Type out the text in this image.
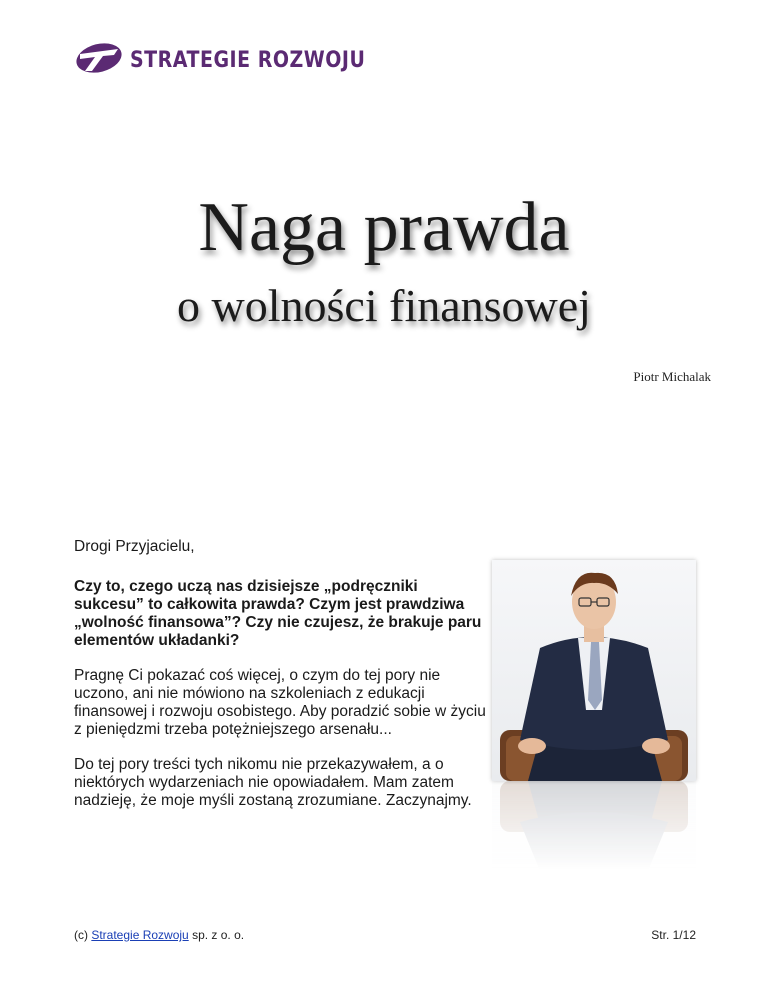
STRATEGIE ROZWOJU
Naga prawda
o wolności finansowej
Piotr Michalak

Drogi Przyjacielu,

Czy to, czego uczą nas dzisiejsze „podręczniki sukcesu” to całkowita prawda? Czym jest prawdziwa „wolność finansowa”? Czy nie czujesz, że brakuje paru elementów układanki?

Pragnę Ci pokazać coś więcej, o czym do tej pory nie uczono, ani nie mówiono na szkoleniach z edukacji finansowej i rozwoju osobistego. Aby poradzić sobie w życiu z pieniędzmi trzeba potężniejszego arsenału...

Do tej pory treści tych nikomu nie przekazywałem, a o niektórych wydarzeniach nie opowiadałem. Mam zatem nadzieję, że moje myśli zostaną zrozumiane. Zaczynajmy.

(c) Strategie Rozwoju sp. z o. o.	Str. 1/12
